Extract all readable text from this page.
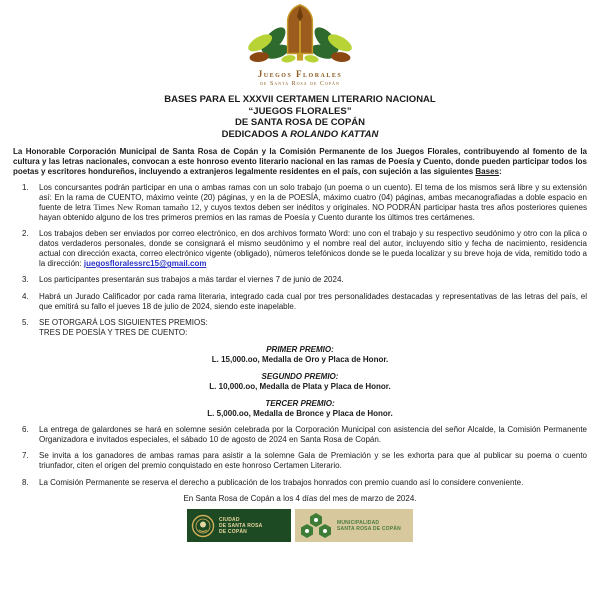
Juegos Florales
de Santa Rosa de Copán
BASES PARA EL XXXVII CERTAMEN LITERARIO NACIONAL
“JUEGOS FLORALES”
DE SANTA ROSA DE COPÁN
DEDICADOS A ROLANDO KATTAN
La Honorable Corporación Municipal de Santa Rosa de Copán y la Comisión Permanente de los Juegos Florales, contribuyendo al fomento de la cultura y las letras nacionales, convocan a este honroso evento literario nacional en las ramas de Poesía y Cuento, donde pueden participar todos los poetas y escritores hondureños, incluyendo a extranjeros legalmente residentes en el país, con sujeción a las siguientes Bases:
1.	Los concursantes podrán participar en una o ambas ramas con un solo trabajo (un poema o un cuento). El tema de los mismos será libre y su extensión así: En la rama de CUENTO, máximo veinte (20) páginas, y en la de POESÍA, máximo cuatro (04) páginas, ambas mecanografiadas a doble espacio en fuente de letra Times New Roman tamaño 12, y cuyos textos deben ser inéditos y originales. NO PODRÁN participar hasta tres años posteriores quienes hayan obtenido alguno de los tres primeros premios en las ramas de Poesía y Cuento durante los últimos tres certámenes.
2.	Los trabajos deben ser enviados por correo electrónico, en dos archivos formato Word: uno con el trabajo y su respectivo seudónimo y otro con la plica o datos verdaderos personales, donde se consignará el mismo seudónimo y el nombre real del autor, incluyendo sitio y fecha de nacimiento, residencia actual con dirección exacta, correo electrónico vigente (obligado), números telefónicos donde se le pueda localizar y su breve hoja de vida, remitido todo a la dirección: juegosfloralessrc15@gmail.com
3.	Los participantes presentarán sus trabajos a más tardar el viernes 7 de junio de 2024.
4.	Habrá un Jurado Calificador por cada rama literaria, integrado cada cual por tres personalidades destacadas y representativas de las letras del país, el que emitirá su fallo el jueves 18 de julio de 2024, siendo este inapelable.
5.	SE OTORGARÁ LOS SIGUIENTES PREMIOS:
TRES DE POESÍA Y TRES DE CUENTO:
PRIMER PREMIO:
L. 15,000.oo, Medalla de Oro y Placa de Honor.
SEGUNDO PREMIO:
L. 10,000.oo, Medalla de Plata y Placa de Honor.
TERCER PREMIO:
L. 5,000.oo, Medalla de Bronce y Placa de Honor.
6.	La entrega de galardones se hará en solemne sesión celebrada por la Corporación Municipal con asistencia del señor Alcalde, la Comisión Permanente Organizadora e invitados especiales, el sábado 10 de agosto de 2024 en Santa Rosa de Copán.
7.	Se invita a los ganadores de ambas ramas para asistir a la solemne Gala de Premiación y se les exhorta para que al publicar su poema o cuento triunfador, citen el origen del premio conquistado en este honroso Certamen Literario.
8.	La Comisión Permanente se reserva el derecho a publicación de los trabajos honrados con premio cuando así lo considere conveniente.
En Santa Rosa de Copán a los 4 días del mes de marzo de 2024.
CIUDAD
DE SANTA ROSA
DE COPÁN
MUNICIPALIDAD
SANTA ROSA DE COPÁN
